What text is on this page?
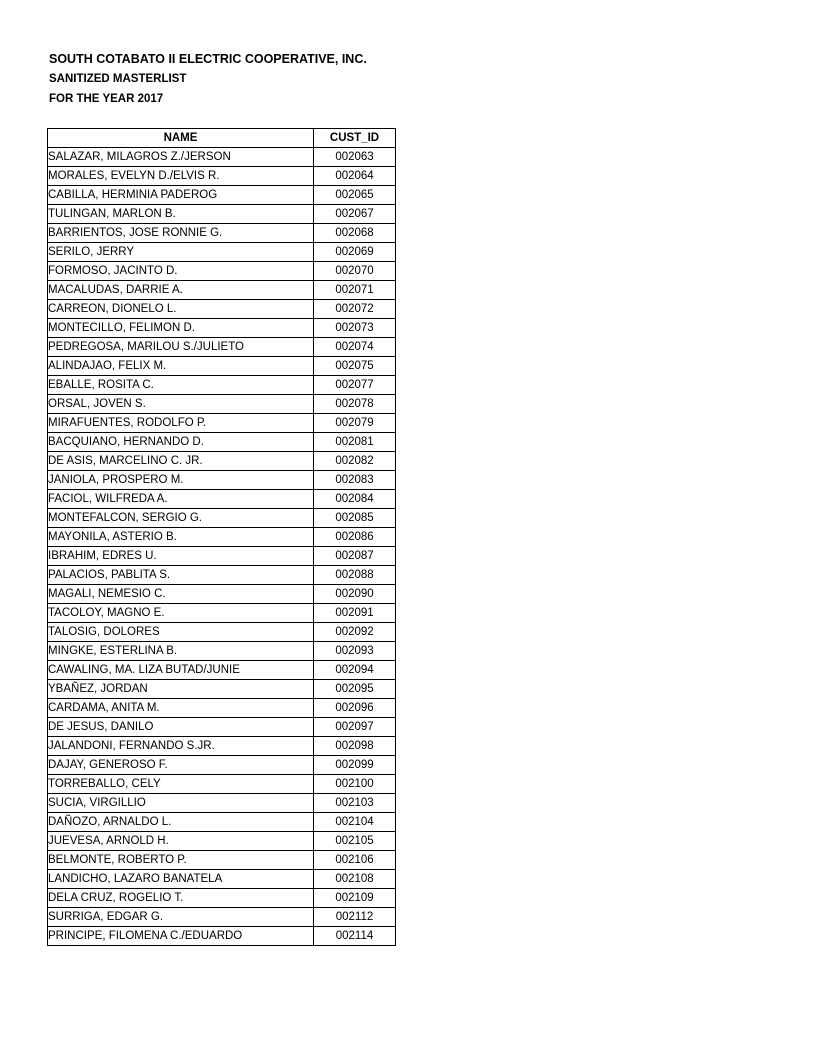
SOUTH COTABATO II ELECTRIC COOPERATIVE, INC.
SANITIZED MASTERLIST
FOR THE YEAR 2017
NAME	CUST_ID
SALAZAR, MILAGROS Z./JERSON	002063
MORALES, EVELYN D./ELVIS R.	002064
CABILLA, HERMINIA PADEROG	002065
TULINGAN, MARLON B.	002067
BARRIENTOS, JOSE RONNIE G.	002068
SERILO, JERRY	002069
FORMOSO, JACINTO D.	002070
MACALUDAS, DARRIE A.	002071
CARREON, DIONELO L.	002072
MONTECILLO, FELIMON D.	002073
PEDREGOSA, MARILOU S./JULIETO	002074
ALINDAJAO, FELIX M.	002075
EBALLE, ROSITA C.	002077
ORSAL, JOVEN S.	002078
MIRAFUENTES, RODOLFO P.	002079
BACQUIANO, HERNANDO D.	002081
DE ASIS, MARCELINO C. JR.	002082
JANIOLA, PROSPERO M.	002083
FACIOL, WILFREDA A.	002084
MONTEFALCON, SERGIO G.	002085
MAYONILA, ASTERIO B.	002086
IBRAHIM, EDRES U.	002087
PALACIOS, PABLITA S.	002088
MAGALI, NEMESIO C.	002090
TACOLOY, MAGNO E.	002091
TALOSIG, DOLORES	002092
MINGKE, ESTERLINA B.	002093
CAWALING, MA. LIZA BUTAD/JUNIE	002094
YBAÑEZ, JORDAN	002095
CARDAMA, ANITA M.	002096
DE JESUS, DANILO	002097
JALANDONI, FERNANDO S.JR.	002098
DAJAY, GENEROSO F.	002099
TORREBALLO, CELY	002100
SUCIA, VIRGILLIO	002103
DAÑOZO, ARNALDO L.	002104
JUEVESA, ARNOLD H.	002105
BELMONTE, ROBERTO P.	002106
LANDICHO, LAZARO BANATELA	002108
DELA CRUZ, ROGELIO T.	002109
SURRIGA, EDGAR G.	002112
PRINCIPE, FILOMENA C./EDUARDO	002114
